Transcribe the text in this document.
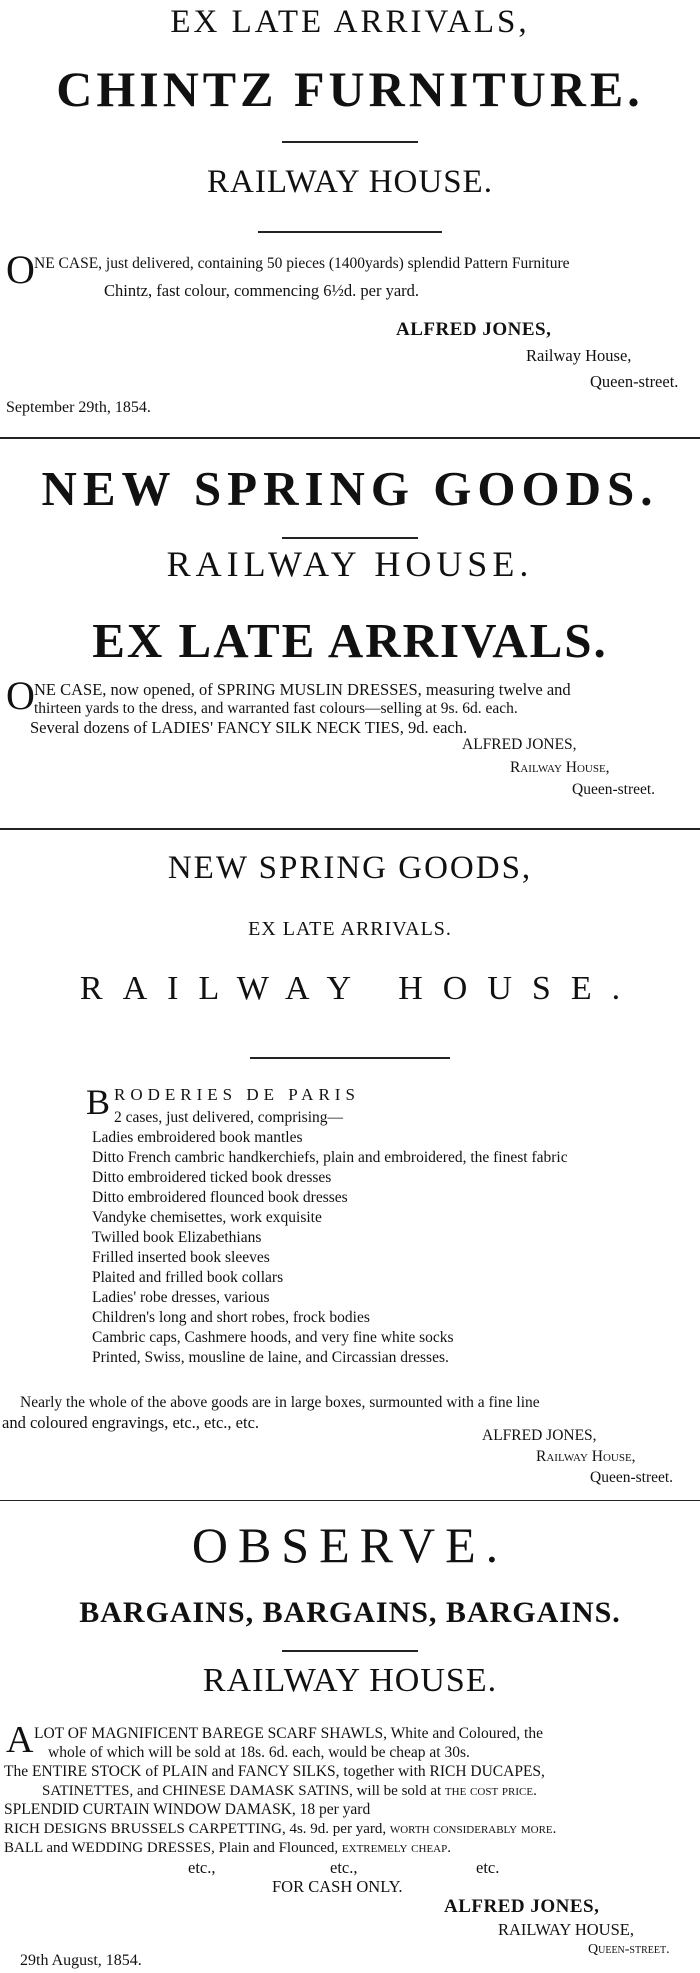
EX LATE ARRIVALS,
CHINTZ FURNITURE.
RAILWAY HOUSE.
O NE CASE, just delivered, containing 50 pieces (1400yards) splendid Pattern Furniture
Chintz, fast colour, commencing 6½d. per yard.
ALFRED JONES,
Railway House,
Queen-street.
September 29th, 1854.
NEW SPRING GOODS.
RAILWAY HOUSE.
EX LATE ARRIVALS.
O NE CASE, now opened, of SPRING MUSLIN DRESSES, measuring twelve and
thirteen yards to the dress, and warranted fast colours—selling at 9s. 6d. each.
Several dozens of LADIES' FANCY SILK NECK TIES, 9d. each.
ALFRED JONES,
Railway House,
Queen-street.
NEW SPRING GOODS,
EX LATE ARRIVALS.
RAILWAY HOUSE.
B RODERIES DE PARIS
2 cases, just delivered, comprising—
Ladies embroidered book mantles
Ditto French cambric handkerchiefs, plain and embroidered, the finest fabric
Ditto embroidered ticked book dresses
Ditto embroidered flounced book dresses
Vandyke chemisettes, work exquisite
Twilled book Elizabethians
Frilled inserted book sleeves
Plaited and frilled book collars
Ladies' robe dresses, various
Children's long and short robes, frock bodies
Cambric caps, Cashmere hoods, and very fine white socks
Printed, Swiss, mousline de laine, and Circassian dresses.
Nearly the whole of the above goods are in large boxes, surmounted with a fine line
and coloured engravings, etc., etc., etc.
ALFRED JONES,
Railway House,
Queen-street.
OBSERVE.
BARGAINS, BARGAINS, BARGAINS.
RAILWAY HOUSE.
A LOT OF MAGNIFICENT BAREGE SCARF SHAWLS, White and Coloured, the
whole of which will be sold at 18s. 6d. each, would be cheap at 30s.
The ENTIRE STOCK of PLAIN and FANCY SILKS, together with RICH DUCAPES,
SATINETTES, and CHINESE DAMASK SATINS, will be sold at the cost price.
SPLENDID CURTAIN WINDOW DAMASK, 18 per yard
RICH DESIGNS BRUSSELS CARPETTING, 4s. 9d. per yard, worth considerably more.
BALL and WEDDING DRESSES, Plain and Flounced, extremely cheap.
etc.,	etc.,	etc.
FOR CASH ONLY.
ALFRED JONES,
RAILWAY HOUSE,
Queen-street.
29th August, 1854.
